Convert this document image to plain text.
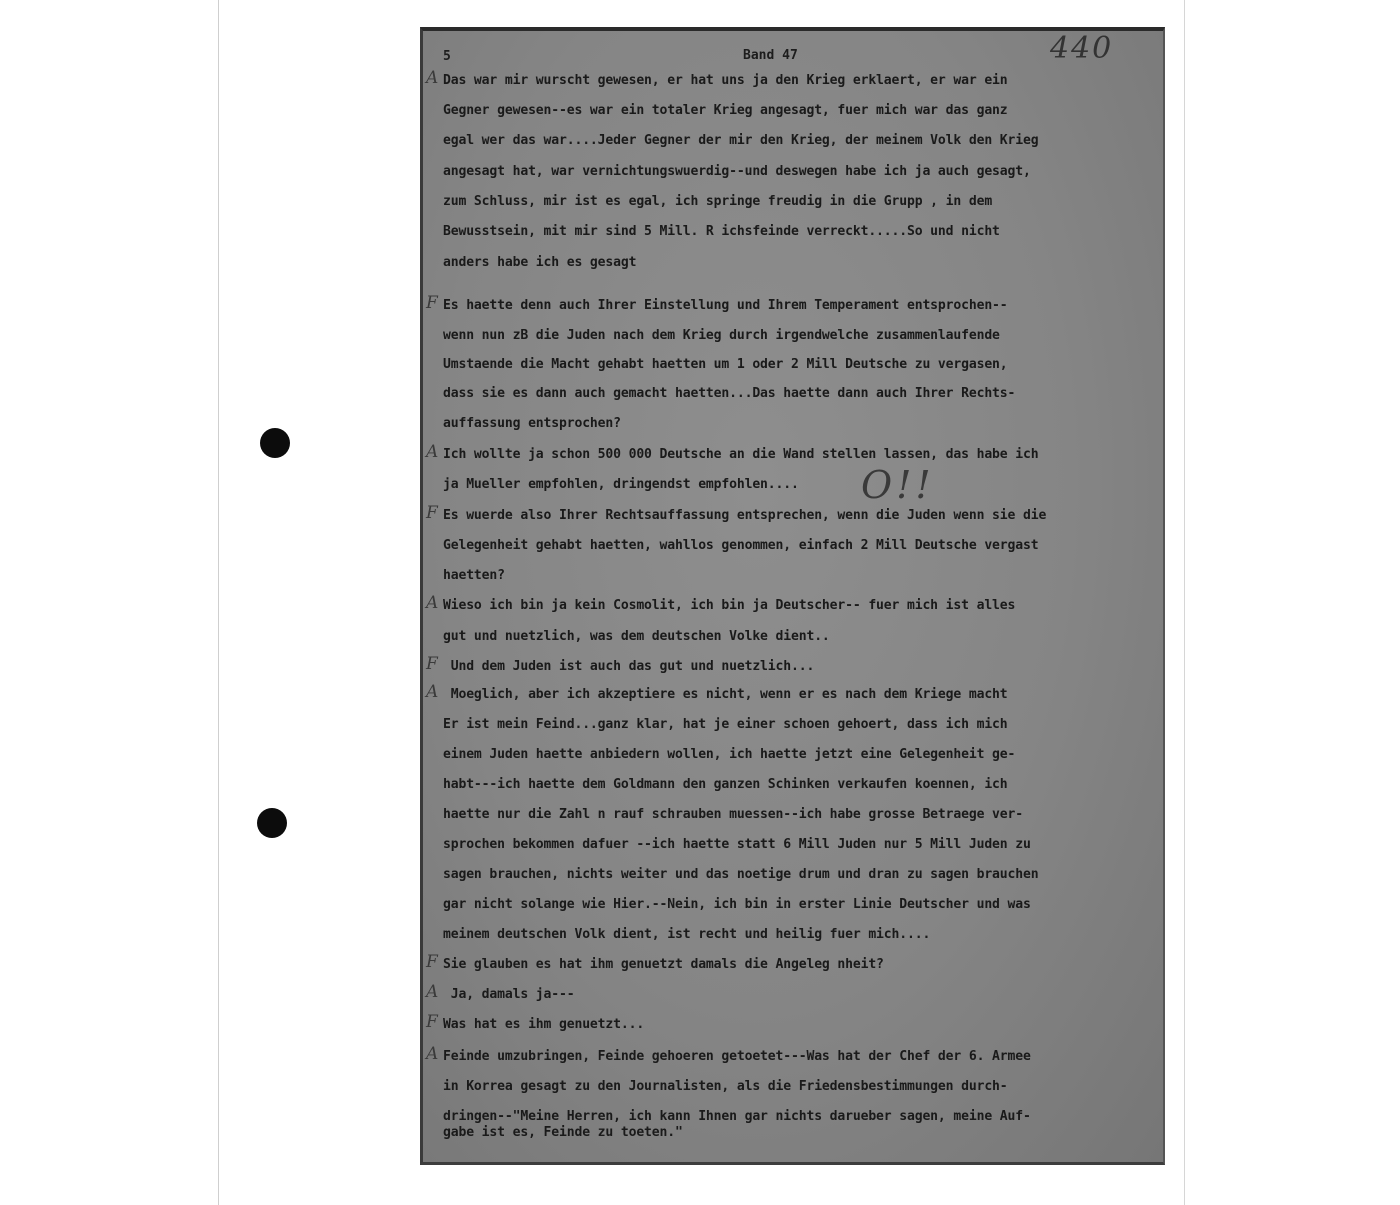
5	Band 47	440
O!!
Das war mir wurscht gewesen, er hat uns ja den Krieg erklaert, er war ein
A
Gegner gewesen--es war ein totaler Krieg angesagt, fuer mich war das ganz
egal wer das war....Jeder Gegner der mir den Krieg, der meinem Volk den Krieg
angesagt hat, war vernichtungswuerdig--und deswegen habe ich ja auch gesagt,
zum Schluss, mir ist es egal, ich springe freudig in die Grupp , in dem
Bewusstsein, mit mir sind 5 Mill. R ichsfeinde verreckt.....So und nicht
anders habe ich es gesagt
Es haette denn auch Ihrer Einstellung und Ihrem Temperament entsprochen--
F
wenn nun zB die Juden nach dem Krieg durch irgendwelche zusammenlaufende
Umstaende die Macht gehabt haetten um 1 oder 2 Mill Deutsche zu vergasen,
dass sie es dann auch gemacht haetten...Das haette dann auch Ihrer Rechts-
auffassung entsprochen?
Ich wollte ja schon 500 000 Deutsche an die Wand stellen lassen, das habe ich
A
ja Mueller empfohlen, dringendst empfohlen....
Es wuerde also Ihrer Rechtsauffassung entsprechen, wenn die Juden wenn sie die
F
Gelegenheit gehabt haetten, wahllos genommen, einfach 2 Mill Deutsche vergast
haetten?
Wieso ich bin ja kein Cosmolit, ich bin ja Deutscher-- fuer mich ist alles
A
gut und nuetzlich, was dem deutschen Volke dient..
Und dem Juden ist auch das gut und nuetzlich...
F
Moeglich, aber ich akzeptiere es nicht, wenn er es nach dem Kriege macht
A
Er ist mein Feind...ganz klar, hat je einer schoen gehoert, dass ich mich
einem Juden haette anbiedern wollen, ich haette jetzt eine Gelegenheit ge-
habt---ich haette dem Goldmann den ganzen Schinken verkaufen koennen, ich
haette nur die Zahl n rauf schrauben muessen--ich habe grosse Betraege ver-
sprochen bekommen dafuer --ich haette statt 6 Mill Juden nur 5 Mill Juden zu
sagen brauchen, nichts weiter und das noetige drum und dran zu sagen brauchen
gar nicht solange wie Hier.--Nein, ich bin in erster Linie Deutscher und was
meinem deutschen Volk dient, ist recht und heilig fuer mich....
Sie glauben es hat ihm genuetzt damals die Angeleg nheit?
F
Ja, damals ja---
A
Was hat es ihm genuetzt...
F
Feinde umzubringen, Feinde gehoeren getoetet---Was hat der Chef der 6. Armee
A
in Korrea gesagt zu den Journalisten, als die Friedensbestimmungen durch-
dringen--"Meine Herren, ich kann Ihnen gar nichts darueber sagen, meine Auf-
gabe ist es, Feinde zu toeten."
